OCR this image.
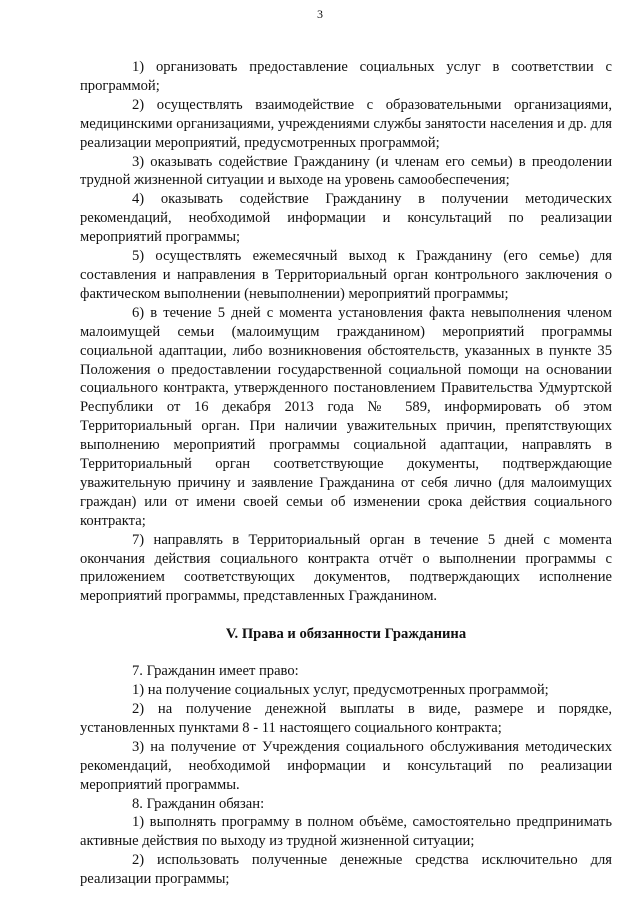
3

1) организовать предоставление социальных услуг в соответствии с программой;

2) осуществлять взаимодействие с образовательными организациями, медицинскими организациями, учреждениями службы занятости населения и др. для реализации мероприятий, предусмотренных программой;

3) оказывать содействие Гражданину (и членам его семьи) в преодолении трудной жизненной ситуации и выходе на уровень самообеспечения;

4) оказывать содействие Гражданину в получении методических рекомендаций, необходимой информации и консультаций по реализации мероприятий программы;

5) осуществлять ежемесячный выход к Гражданину (его семье) для составления и направления в Территориальный орган контрольного заключения о фактическом выполнении (невыполнении) мероприятий программы;

6) в течение 5 дней с момента установления факта невыполнения членом малоимущей семьи (малоимущим гражданином) мероприятий программы социальной адаптации, либо возникновения обстоятельств, указанных в пункте 35 Положения о предоставлении государственной социальной помощи на основании социального контракта, утвержденного постановлением Правительства Удмуртской Республики от 16 декабря 2013 года № 589, информировать об этом Территориальный орган. При наличии уважительных причин, препятствующих выполнению мероприятий программы социальной адаптации, направлять в Территориальный орган соответствующие документы, подтверждающие уважительную причину и заявление Гражданина от себя лично (для малоимущих граждан) или от имени своей семьи об изменении срока действия социального контракта;

7) направлять в Территориальный орган в течение 5 дней с момента окончания действия социального контракта отчёт о выполнении программы с приложением соответствующих документов, подтверждающих исполнение мероприятий программы, представленных Гражданином.

V. Права и обязанности Гражданина

7. Гражданин имеет право:

1) на получение социальных услуг, предусмотренных программой;

2) на получение денежной выплаты в виде, размере и порядке, установленных пунктами 8 - 11 настоящего социального контракта;

3) на получение от Учреждения социального обслуживания методических рекомендаций, необходимой информации и консультаций по реализации мероприятий программы.

8. Гражданин обязан:

1) выполнять программу в полном объёме, самостоятельно предпринимать активные действия по выходу из трудной жизненной ситуации;

2) использовать полученные денежные средства исключительно для реализации программы;
